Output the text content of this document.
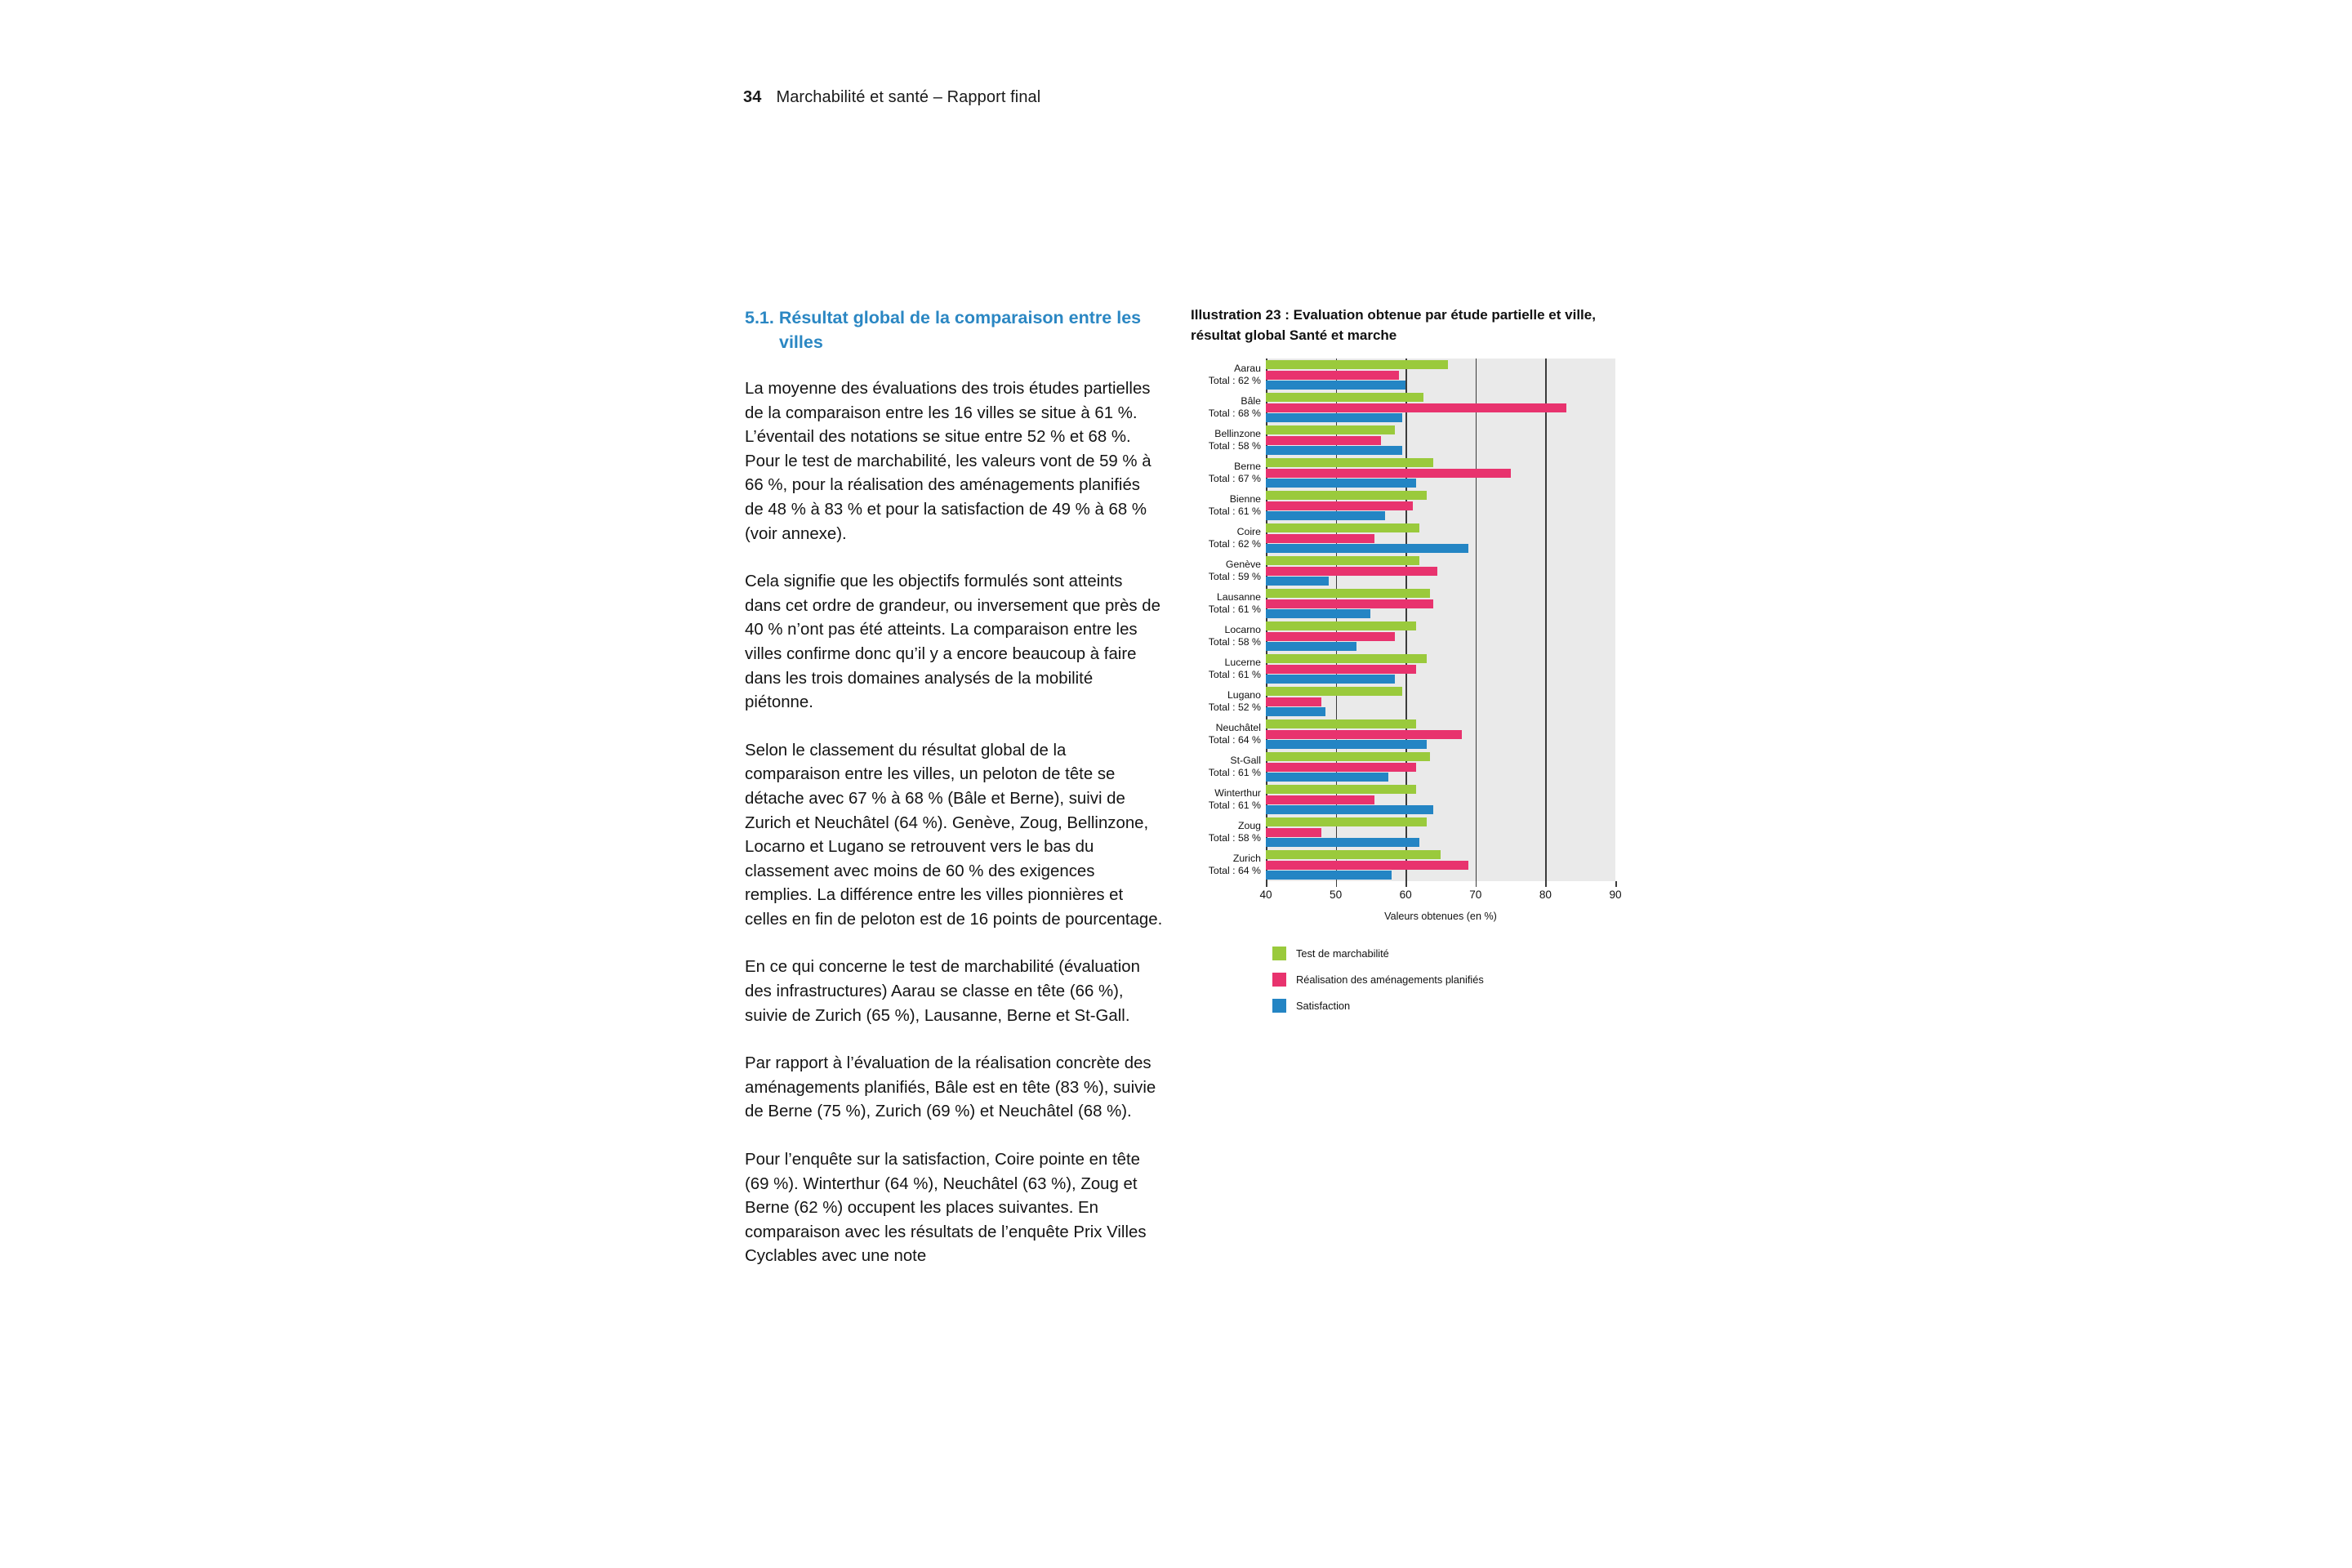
34 Marchabilité et santé – Rapport final
5.1. Résultat global de la comparaison entre les villes

La moyenne des évaluations des trois études partielles de la comparaison entre les 16 villes se situe à 61 %. L’éventail des notations se situe entre 52 % et 68 %. Pour le test de marchabilité, les valeurs vont de 59 % à 66 %, pour la réalisation des aménagements planifiés de 48 % à 83 % et pour la satisfaction de 49 % à 68 % (voir annexe).

Cela signifie que les objectifs formulés sont atteints dans cet ordre de grandeur, ou inversement que près de 40 % n’ont pas été atteints. La comparaison entre les villes confirme donc qu’il y a encore beaucoup à faire dans les trois domaines analysés de la mobilité piétonne.

Selon le classement du résultat global de la comparaison entre les villes, un peloton de tête se détache avec 67 % à 68 % (Bâle et Berne), suivi de Zurich et Neuchâtel (64 %). Genève, Zoug, Bellinzone, Locarno et Lugano se retrouvent vers le bas du classement avec moins de 60 % des exigences remplies. La différence entre les villes pionnières et celles en fin de peloton est de 16 points de pourcentage.

En ce qui concerne le test de marchabilité (évaluation des infrastructures) Aarau se classe en tête (66 %), suivie de Zurich (65 %), Lausanne, Berne et St-Gall.

Par rapport à l’évaluation de la réalisation concrète des aménagements planifiés, Bâle est en tête (83 %), suivie de Berne (75 %), Zurich (69 %) et Neuchâtel (68 %).

Pour l’enquête sur la satisfaction, Coire pointe en tête (69 %). Winterthur (64 %), Neuchâtel (63 %), Zoug et Berne (62 %) occupent les places suivantes. En comparaison avec les résultats de l’enquête Prix Villes Cyclables avec une note

Illustration 23 : Evaluation obtenue par étude partielle et ville, résultat global Santé et marche
Aarau
Total : 62 %
Bâle
Total : 68 %
Bellinzone
Total : 58 %
Berne
Total : 67 %
Bienne
Total : 61 %
Coire
Total : 62 %
Genève
Total : 59 %
Lausanne
Total : 61 %
Locarno
Total : 58 %
Lucerne
Total : 61 %
Lugano
Total : 52 %
Neuchâtel
Total : 64 %
St-Gall
Total : 61 %
Winterthur
Total : 61 %
Zoug
Total : 58 %
Zurich
Total : 64 %
40	50	60	70	80	90
Valeurs obtenues (en %)
Test de marchabilité
Réalisation des aménagements planifiés
Satisfaction
